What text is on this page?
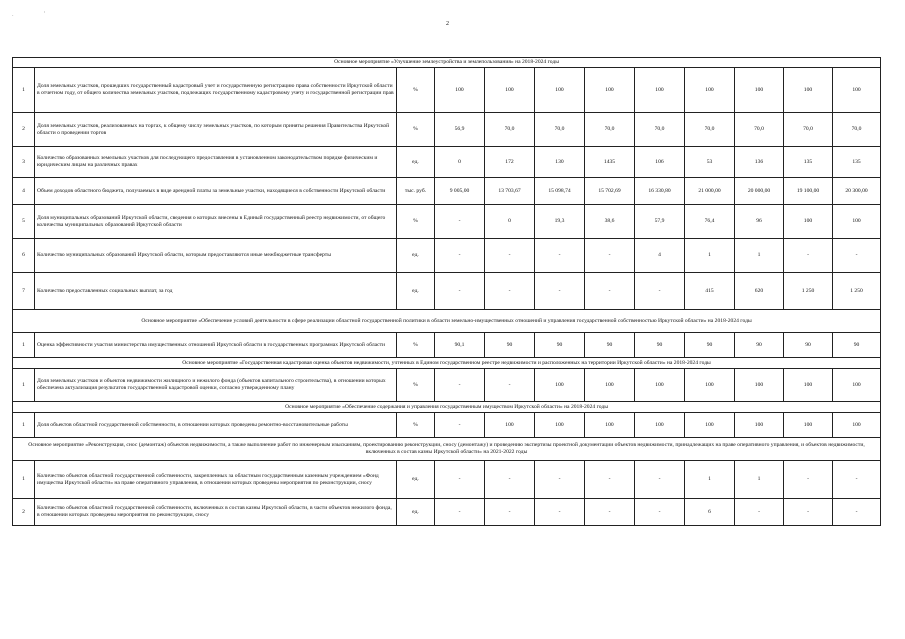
·	'
2
Основное мероприятие «Улучшение землеустройства и землепользования» на 2018-2024 годы											
1	Доля земельных участков, прошедших государственный кадастровый учет и государственную регистрацию права собственности Иркутской области в отчетном году, от общего количества земельных участков, подлежащих государственному кадастровому учету и государственной регистрации прав	%	100	100	100	100	100	100	100	100	100
2	Доля земельных участков, реализованных на торгах, к общему числу земельных участков, по которым приняты решения Правительства Иркутской области о проведении торгов	%	56,9	70,0	70,0	70,0	70,0	70,0	70,0	70,0	70,0
3	Количество образованных земельных участков для последующего предоставления в установленном законодательством порядке физическим и юридическим лицам на различных правах	ед.	0	172	130	1435	106	53	136	135	135
4	Объем доходов областного бюджета, получаемых в виде арендной платы за земельные участки, находящиеся в собственности Иркутской области	тыс. руб.	9 005,00	13 703,67	15 098,74	15 702,69	16 330,80	21 000,00	20 000,00	19 100,00	20 300,00
5	Доля муниципальных образований Иркутской области, сведения о которых внесены в Единый государственный реестр недвижимости, от общего количества муниципальных образований Иркутской области	%	-	0	19,3	38,6	57,9	76,4	96	100	100
6	Количество муниципальных образований Иркутской области, которым предоставляются иные межбюджетные трансферты	ед.	-	-	-	-	4	1	1	-	-
7	Количество предоставленных социальных выплат, за год	ед.	-	-	-	-	-	415	620	1 250	1 250
Основное мероприятие «Обеспечение условий деятельности в сфере реализации областной государственной политики в области земельно-имущественных отношений и управления государственной собственностью Иркутской области» на 2018-2024 годы											
1	Оценка эффективности участия министерства имущественных отношений Иркутской области в государственных программах Иркутской области	%	90,1	90	90	90	90	90	90	90	90
Основное мероприятие «Государственная кадастровая оценка объектов недвижимости, учтенных в Едином государственном реестре недвижимости и расположенных на территории Иркутской области» на 2018-2024 годы											
1	Доля земельных участков и объектов недвижимости жилищного и нежилого фонда (объектов капитального строительства), в отношении которых обеспечена актуализация результатов государственной кадастровой оценки, согласно утвержденному плану	%	-	-	100	100	100	100	100	100	100
Основное мероприятие «Обеспечение содержания и управления государственным имуществом Иркутской области» на 2018-2024 годы											
1	Доля объектов областной государственной собственности, в отношении которых проведены ремонтно-восстановительные работы	%	-	100	100	100	100	100	100	100	100
Основное мероприятие «Реконструкция, снос (демонтаж) объектов недвижимости, а также выполнение работ по инженерным изысканиям, проектированию реконструкции, сносу (демонтажу) и проведению экспертизы проектной документации объектов недвижимости, принадлежащих на праве оперативного управления, и объектов недвижимости, включенных в состав казны Иркутской области» на 2021-2022 годы											
1	Количество объектов областной государственной собственности, закрепленных за областным государственным казенным учреждением «Фонд имущества Иркутской области» на праве оперативного управления, в отношении которых проведены мероприятия по реконструкции, сносу	ед.	-	-	-	-	-	1	1	-	-
2	Количество объектов областной государственной собственности, включенных в состав казны Иркутской области, в части объектов нежилого фонда, в отношении которых проведены мероприятия по реконструкции, сносу	ед.	-	-	-	-	-	6	-	-	-
